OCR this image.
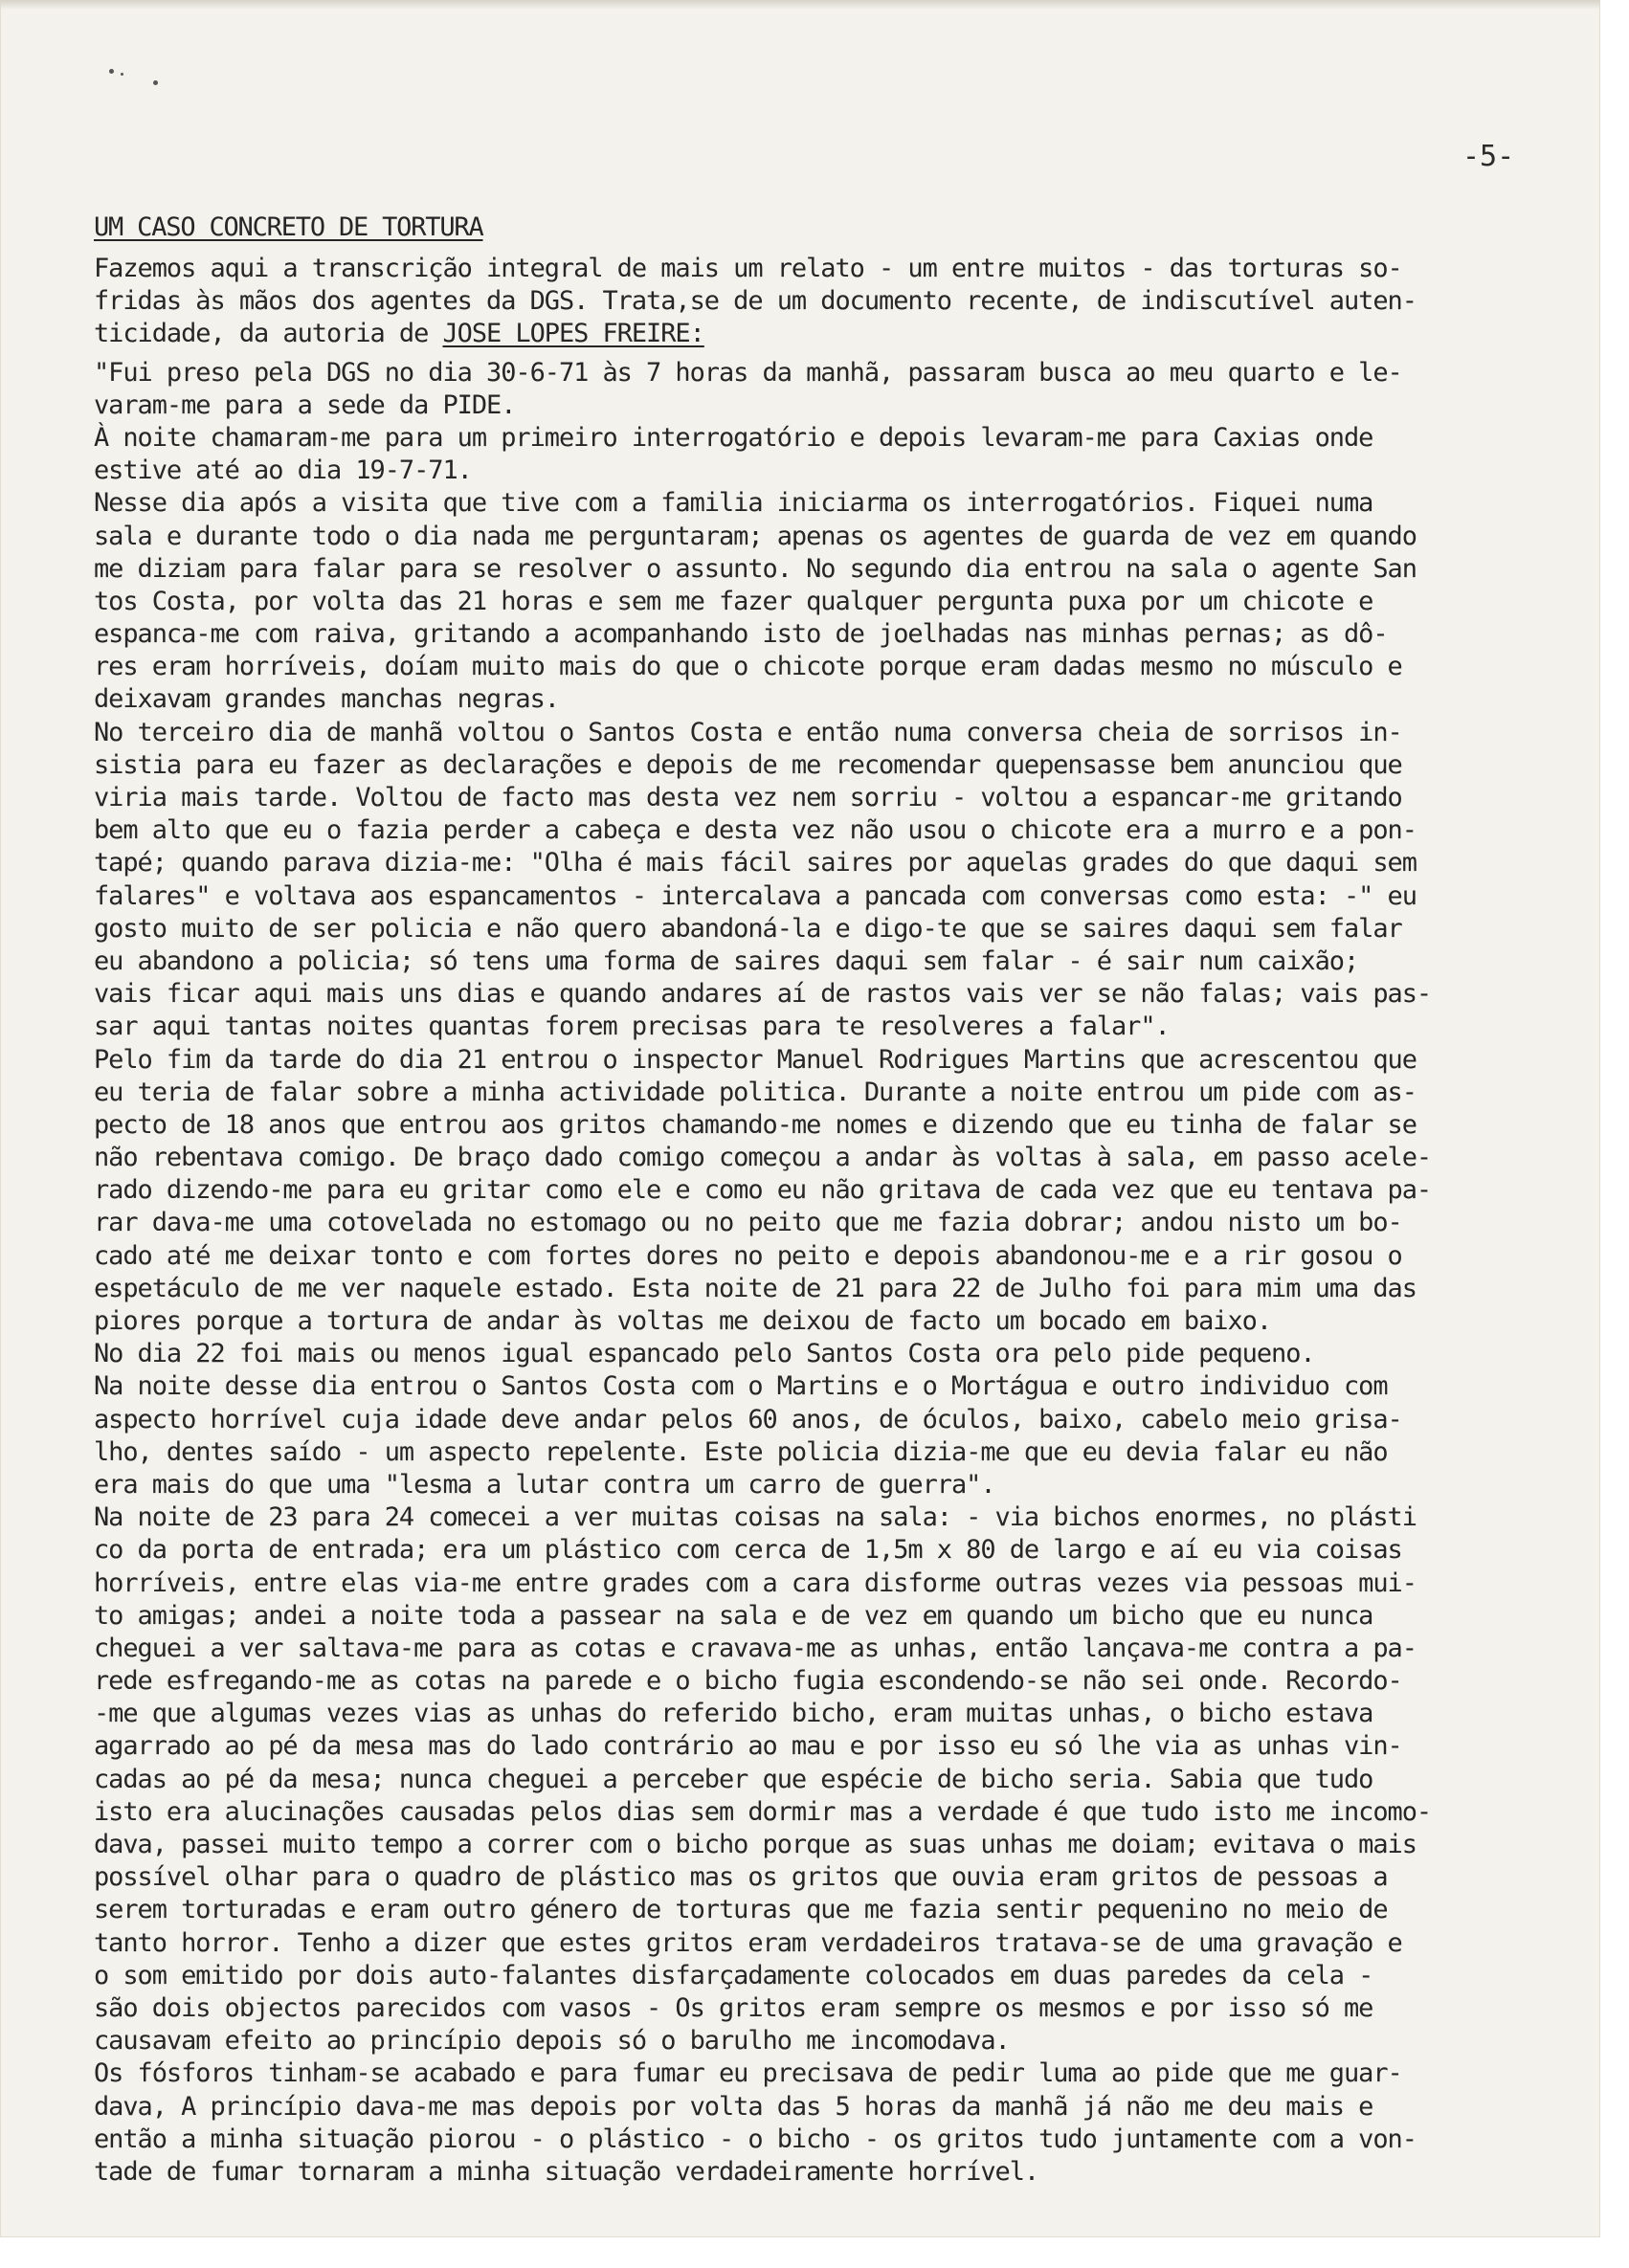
-5-
UM CASO CONCRETO DE TORTURA
Fazemos aqui a transcrição integral de mais um relato - um entre muitos - das torturas so-
fridas às mãos dos agentes da DGS. Trata,se de um documento recente, de indiscutível auten-
ticidade, da autoria de JOSE LOPES FREIRE:
"Fui preso pela DGS no dia 30-6-71 às 7 horas da manhã, passaram busca ao meu quarto e le-
varam-me para a sede da PIDE.
À noite chamaram-me para um primeiro interrogatório e depois levaram-me para Caxias onde
estive até ao dia 19-7-71.
Nesse dia após a visita que tive com a familia iniciarma os interrogatórios. Fiquei numa
sala e durante todo o dia nada me perguntaram; apenas os agentes de guarda de vez em quando
me diziam para falar para se resolver o assunto. No segundo dia entrou na sala o agente San
tos Costa, por volta das 21 horas e sem me fazer qualquer pergunta puxa por um chicote e
espanca-me com raiva, gritando a acompanhando isto de joelhadas nas minhas pernas; as dô-
res eram horríveis, doíam muito mais do que o chicote porque eram dadas mesmo no músculo e
deixavam grandes manchas negras.
No terceiro dia de manhã voltou o Santos Costa e então numa conversa cheia de sorrisos in-
sistia para eu fazer as declarações e depois de me recomendar quepensasse bem anunciou que
viria mais tarde. Voltou de facto mas desta vez nem sorriu - voltou a espancar-me gritando
bem alto que eu o fazia perder a cabeça e desta vez não usou o chicote era a murro e a pon-
tapé; quando parava dizia-me: "Olha é mais fácil saires por aquelas grades do que daqui sem
falares" e voltava aos espancamentos - intercalava a pancada com conversas como esta: -" eu
gosto muito de ser policia e não quero abandoná-la e digo-te que se saires daqui sem falar
eu abandono a policia; só tens uma forma de saires daqui sem falar - é sair num caixão;
vais ficar aqui mais uns dias e quando andares aí de rastos vais ver se não falas; vais pas-
sar aqui tantas noites quantas forem precisas para te resolveres a falar".
Pelo fim da tarde do dia 21 entrou o inspector Manuel Rodrigues Martins que acrescentou que
eu teria de falar sobre a minha actividade politica. Durante a noite entrou um pide com as-
pecto de 18 anos que entrou aos gritos chamando-me nomes e dizendo que eu tinha de falar se
não rebentava comigo. De braço dado comigo começou a andar às voltas à sala, em passo acele-
rado dizendo-me para eu gritar como ele e como eu não gritava de cada vez que eu tentava pa-
rar dava-me uma cotovelada no estomago ou no peito que me fazia dobrar; andou nisto um bo-
cado até me deixar tonto e com fortes dores no peito e depois abandonou-me e a rir gosou o
espetáculo de me ver naquele estado. Esta noite de 21 para 22 de Julho foi para mim uma das
piores porque a tortura de andar às voltas me deixou de facto um bocado em baixo.
No dia 22 foi mais ou menos igual espancado pelo Santos Costa ora pelo pide pequeno.
Na noite desse dia entrou o Santos Costa com o Martins e o Mortágua e outro individuo com
aspecto horrível cuja idade deve andar pelos 60 anos, de óculos, baixo, cabelo meio grisa-
lho, dentes saído - um aspecto repelente. Este policia dizia-me que eu devia falar eu não
era mais do que uma "lesma a lutar contra um carro de guerra".
Na noite de 23 para 24 comecei a ver muitas coisas na sala: - via bichos enormes, no plásti
co da porta de entrada; era um plástico com cerca de 1,5m x 80 de largo e aí eu via coisas
horríveis, entre elas via-me entre grades com a cara disforme outras vezes via pessoas mui-
to amigas; andei a noite toda a passear na sala e de vez em quando um bicho que eu nunca
cheguei a ver saltava-me para as cotas e cravava-me as unhas, então lançava-me contra a pa-
rede esfregando-me as cotas na parede e o bicho fugia escondendo-se não sei onde. Recordo-
-me que algumas vezes vias as unhas do referido bicho, eram muitas unhas, o bicho estava
agarrado ao pé da mesa mas do lado contrário ao mau e por isso eu só lhe via as unhas vin-
cadas ao pé da mesa; nunca cheguei a perceber que espécie de bicho seria. Sabia que tudo
isto era alucinações causadas pelos dias sem dormir mas a verdade é que tudo isto me incomo-
dava, passei muito tempo a correr com o bicho porque as suas unhas me doiam; evitava o mais
possível olhar para o quadro de plástico mas os gritos que ouvia eram gritos de pessoas a
serem torturadas e eram outro género de torturas que me fazia sentir pequenino no meio de
tanto horror. Tenho a dizer que estes gritos eram verdadeiros tratava-se de uma gravação e
o som emitido por dois auto-falantes disfarçadamente colocados em duas paredes da cela -
são dois objectos parecidos com vasos - Os gritos eram sempre os mesmos e por isso só me
causavam efeito ao princípio depois só o barulho me incomodava.
Os fósforos tinham-se acabado e para fumar eu precisava de pedir luma ao pide que me guar-
dava, A princípio dava-me mas depois por volta das 5 horas da manhã já não me deu mais e
então a minha situação piorou - o plástico - o bicho - os gritos tudo juntamente com a von-
tade de fumar tornaram a minha situação verdadeiramente horrível.
